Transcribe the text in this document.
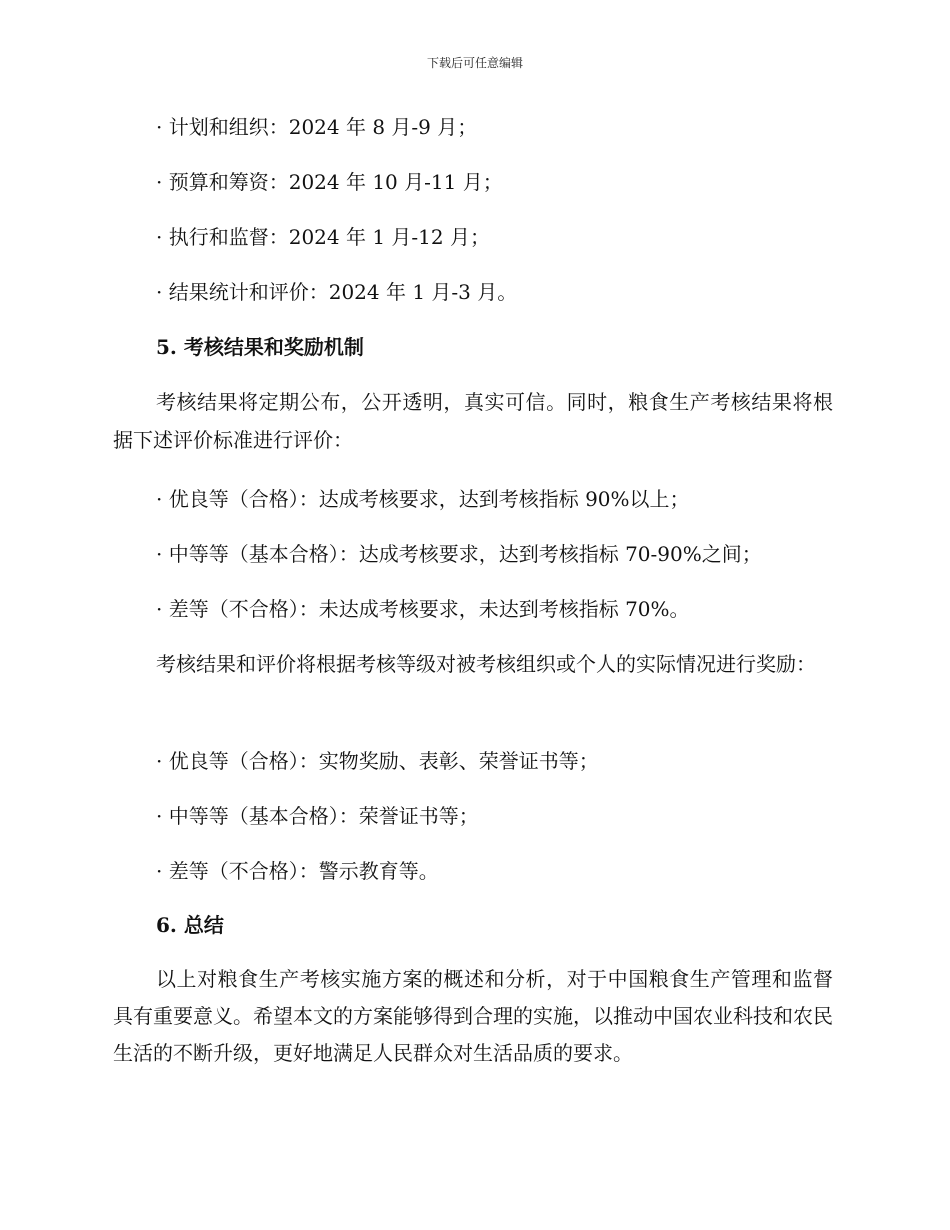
下载后可任意编辑
· 计划和组织：2024 年 8 月-9 月；
· 预算和筹资：2024 年 10 月-11 月；
· 执行和监督：2024 年 1 月-12 月；
· 结果统计和评价：2024 年 1 月-3 月。
5. 考核结果和奖励机制
考核结果将定期公布，公开透明，真实可信。同时，粮食生产考核结果将根据下述评价标准进行评价：
· 优良等（合格）：达成考核要求，达到考核指标 90%以上；
· 中等等（基本合格）：达成考核要求，达到考核指标 70-90%之间；
· 差等（不合格）：未达成考核要求，未达到考核指标 70%。
考核结果和评价将根据考核等级对被考核组织或个人的实际情况进行奖励：
· 优良等（合格）：实物奖励、表彰、荣誉证书等；
· 中等等（基本合格）：荣誉证书等；
· 差等（不合格）：警示教育等。
6. 总结
以上对粮食生产考核实施方案的概述和分析，对于中国粮食生产管理和监督具有重要意义。希望本文的方案能够得到合理的实施，以推动中国农业科技和农民生活的不断升级，更好地满足人民群众对生活品质的要求。
